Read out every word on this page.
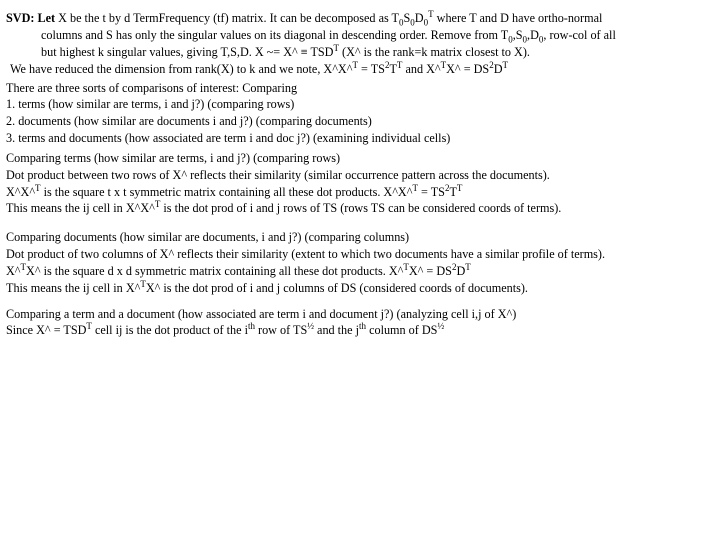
SVD: Let X be the t by d TermFrequency (tf) matrix. It can be decomposed as $T_0S_0D_0^T$ where T and D have ortho-normal
columns and S has only the singular values on its diagonal in descending order. Remove from $T_0,S_0,D_0$, row-col of all
but highest k singular values, giving T,S,D. X ~= X^ ≡ $TSD^T$ (X^ is the rank=k matrix closest to X).
We have reduced the dimension from rank(X) to k and we note, X^X^$^T$ = $TS^2T^T$ and X^$^T$X^ = $DS^2D^T$
There are three sorts of comparisons of interest: Comparing
1. terms (how similar are terms, i and j?) (comparing rows)
2. documents (how similar are documents i and j?) (comparing documents)
3. terms and documents (how associated are term i and doc j?) (examining individual cells)
Comparing terms (how similar are terms, i and j?) (comparing rows)
Dot product between two rows of X^ reflects their similarity (similar occurrence pattern across the documents).
X^X^$^T$ is the square t x t symmetric matrix containing all these dot products. X^X^$^T$ = $TS^2T^T$
This means the ij cell in X^X^$^T$ is the dot prod of i and j rows of TS (rows TS can be considered coords of terms).
Comparing documents (how similar are documents, i and j?) (comparing columns)
Dot product of two columns of X^ reflects their similarity (extent to which two documents have a similar profile of terms).
X^$^T$X^ is the square d x d symmetric matrix containing all these dot products. X^$^T$X^ = $DS^2D^T$
This means the ij cell in X^$^T$X^ is the dot prod of i and j columns of DS (considered coords of documents).
Comparing a term and a document (how associated are term i and document j?) (analyzing cell i,j of X^)
Since X^ = $TSD^T$ cell ij is the dot product of the $i^{th}$ row of $TS^{\frac{1}{2}}$ and the $j^{th}$ column of $DS^{\frac{1}{2}}$
